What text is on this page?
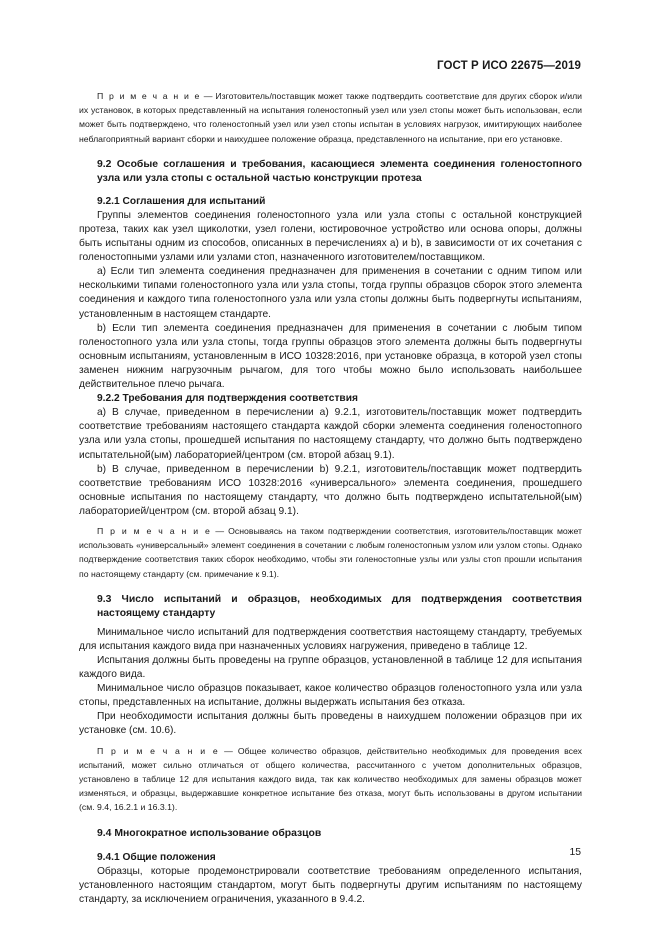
ГОСТ Р ИСО 22675—2019

П р и м е ч а н и е — Изготовитель/поставщик может также подтвердить соответствие для других сборок и/или их установок, в которых представленный на испытания голеностопный узел или узел стопы может быть использован, если может быть подтверждено, что голеностопный узел или узел стопы испытан в условиях нагрузок, имитирующих наиболее неблагоприятный вариант сборки и наихудшее положение образца, представленного на испытание, при его установке.

9.2 Особые соглашения и требования, касающиеся элемента соединения голеностопного узла или узла стопы с остальной частью конструкции протеза
9.2.1 Соглашения для испытаний

Группы элементов соединения голеностопного узла или узла стопы с остальной конструкцией протеза, таких как узел щиколотки, узел голени, юстировочное устройство или основа опоры, должны быть испытаны одним из способов, описанных в перечислениях а) и b), в зависимости от их сочетания с голеностопными узлами или узлами стоп, назначенного изготовителем/поставщиком.

a) Если тип элемента соединения предназначен для применения в сочетании с одним типом или несколькими типами голеностопного узла или узла стопы, тогда группы образцов сборок этого элемента соединения и каждого типа голеностопного узла или узла стопы должны быть подвергнуты испытаниям, установленным в настоящем стандарте.

b) Если тип элемента соединения предназначен для применения в сочетании с любым типом голеностопного узла или узла стопы, тогда группы образцов этого элемента должны быть подвергнуты основным испытаниям, установленным в ИСО 10328:2016, при установке образца, в которой узел стопы заменен нижним нагрузочным рычагом, для того чтобы можно было использовать наибольшее действительное плечо рычага.

9.2.2 Требования для подтверждения соответствия

a) В случае, приведенном в перечислении a) 9.2.1, изготовитель/поставщик может подтвердить соответствие требованиям настоящего стандарта каждой сборки элемента соединения голеностопного узла или узла стопы, прошедшей испытания по настоящему стандарту, что должно быть подтверждено испытательной(ым) лабораторией/центром (см. второй абзац 9.1).

b) В случае, приведенном в перечислении b) 9.2.1, изготовитель/поставщик может подтвердить соответствие требованиям ИСО 10328:2016 «универсального» элемента соединения, прошедшего основные испытания по настоящему стандарту, что должно быть подтверждено испытательной(ым) лабораторией/центром (см. второй абзац 9.1).

П р и м е ч а н и е — Основываясь на таком подтверждении соответствия, изготовитель/поставщик может использовать «универсальный» элемент соединения в сочетании с любым голеностопным узлом или узлом стопы. Однако подтверждение соответствия таких сборок необходимо, чтобы эти голеностопные узлы или узлы стоп прошли испытания по настоящему стандарту (см. примечание к 9.1).

9.3 Число испытаний и образцов, необходимых для подтверждения соответствия настоящему стандарту

Минимальное число испытаний для подтверждения соответствия настоящему стандарту, требуемых для испытания каждого вида при назначенных условиях нагружения, приведено в таблице 12.

Испытания должны быть проведены на группе образцов, установленной в таблице 12 для испытания каждого вида.

Минимальное число образцов показывает, какое количество образцов голеностопного узла или узла стопы, представленных на испытание, должны выдержать испытания без отказа.

При необходимости испытания должны быть проведены в наихудшем положении образцов при их установке (см. 10.6).

П р и м е ч а н и е — Общее количество образцов, действительно необходимых для проведения всех испытаний, может сильно отличаться от общего количества, рассчитанного с учетом дополнительных образцов, установлено в таблице 12 для испытания каждого вида, так как количество необходимых для замены образцов может изменяться, и образцы, выдержавшие конкретное испытание без отказа, могут быть использованы в другом испытании (см. 9.4, 16.2.1 и 16.3.1).

9.4 Многократное использование образцов
9.4.1 Общие положения

Образцы, которые продемонстрировали соответствие требованиям определенного испытания, установленного настоящим стандартом, могут быть подвергнуты другим испытаниям по настоящему стандарту, за исключением ограничения, указанного в 9.4.2.

15
